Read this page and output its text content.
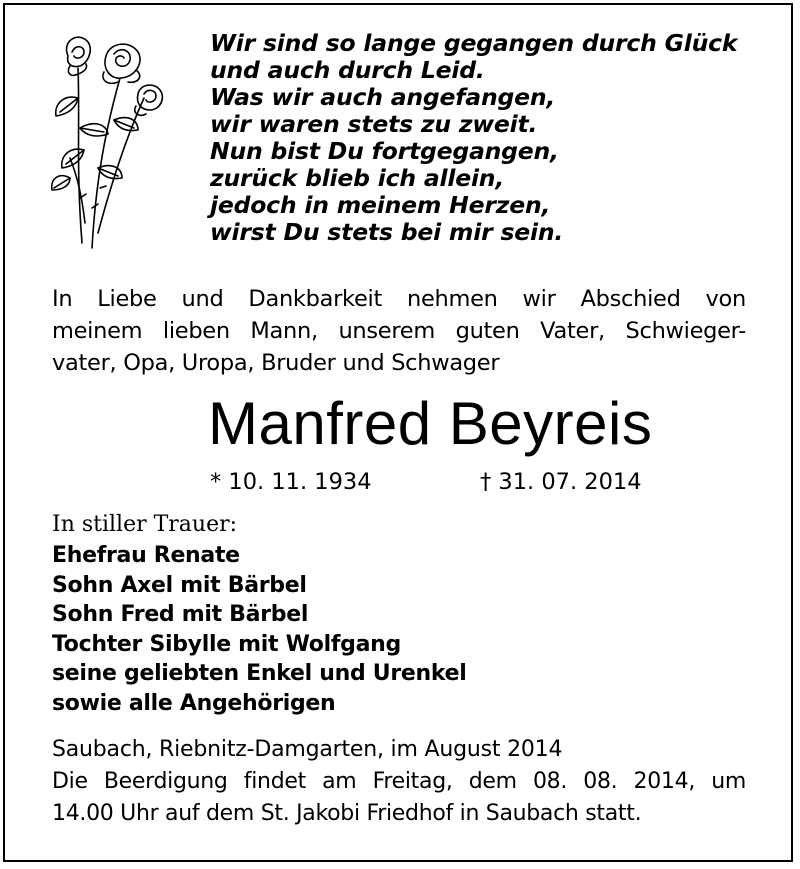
Wir sind so lange gegangen durch Glück
und auch durch Leid.
Was wir auch angefangen,
wir waren stets zu zweit.
Nun bist Du fortgegangen,
zurück blieb ich allein,
jedoch in meinem Herzen,
wirst Du stets bei mir sein.
In Liebe und Dankbarkeit nehmen wir Abschied von
meinem lieben Mann, unserem guten Vater, Schwieger-
vater, Opa, Uropa, Bruder und Schwager
Manfred Beyreis
* 10. 11. 1934	† 31. 07. 2014
In stiller Trauer:
Ehefrau Renate
Sohn Axel mit Bärbel
Sohn Fred mit Bärbel
Tochter Sibylle mit Wolfgang
seine geliebten Enkel und Urenkel
sowie alle Angehörigen
Saubach, Riebnitz-Damgarten, im August 2014
Die Beerdigung findet am Freitag, dem 08. 08. 2014, um
14.00 Uhr auf dem St. Jakobi Friedhof in Saubach statt.
